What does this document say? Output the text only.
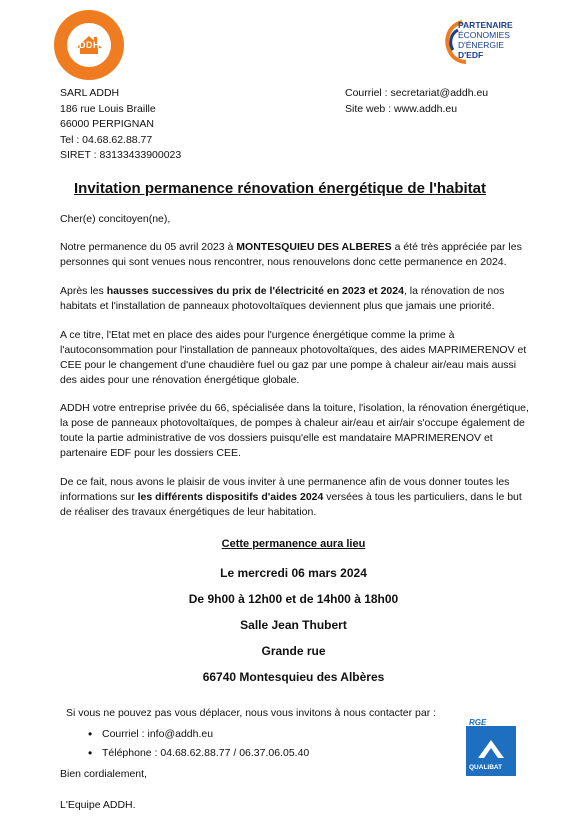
ADDH
PARTENAIRE
ÉCONOMIES
D'ÉNERGIE
D'EDF
SARL ADDH
186 rue Louis Braille
66000 PERPIGNAN
Tel : 04.68.62.88.77
SIRET : 83133433900023
Courriel : secretariat@addh.eu
Site web : www.addh.eu
Invitation permanence rénovation énergétique de l'habitat
Cher(e) concitoyen(ne),
Notre permanence du 05 avril 2023 à MONTESQUIEU DES ALBERES a été très appréciée par les personnes qui sont venues nous rencontrer, nous renouvelons donc cette permanence en 2024.
Après les hausses successives du prix de l'électricité en 2023 et 2024, la rénovation de nos habitats et l'installation de panneaux photovoltaïques deviennent plus que jamais une priorité.
A ce titre, l'Etat met en place des aides pour l'urgence énergétique comme la prime à l'autoconsommation pour l'installation de panneaux photovoltaïques, des aides MAPRIMERENOV et CEE pour le changement d'une chaudière fuel ou gaz par une pompe à chaleur air/eau mais aussi des aides pour une rénovation énergétique globale.
ADDH votre entreprise privée du 66, spécialisée dans la toiture, l'isolation, la rénovation énergétique, la pose de panneaux photovoltaïques, de pompes à chaleur air/eau et air/air s'occupe également de toute la partie administrative de vos dossiers puisqu'elle est mandataire MAPRIMERENOV et partenaire EDF pour les dossiers CEE.
De ce fait, nous avons le plaisir de vous inviter à une permanence afin de vous donner toutes les informations sur les différents dispositifs d'aides 2024 versées à tous les particuliers, dans le but de réaliser des travaux énergétiques de leur habitation.
Cette permanence aura lieu
Le mercredi 06 mars 2024
De 9h00 à 12h00 et de 14h00 à 18h00
Salle Jean Thubert
Grande rue
66740 Montesquieu des Albères
Si vous ne pouvez pas vous déplacer, nous vous invitons à nous contacter par :
• Courriel : info@addh.eu
• Téléphone : 04.68.62.88.77 / 06.37.06.05.40
RGE
QUALIBAT
Bien cordialement,
L'Equipe ADDH.
